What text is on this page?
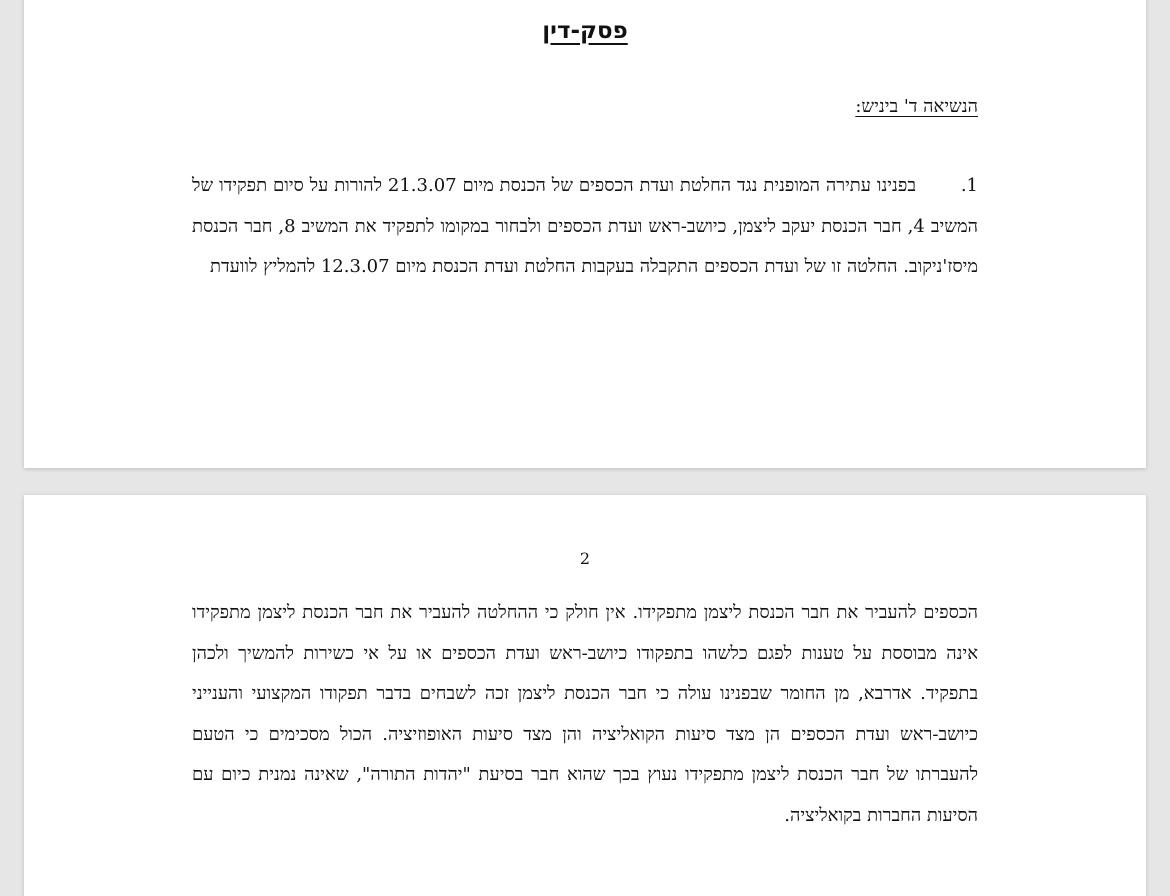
פסק-דין
הנשיאה ד' ביניש:
1.בפנינו עתירה המופנית נגד החלטת ועדת הכספים של הכנסת מיום 21.3.07 להורות על סיום תפקידו של המשיב 4, חבר הכנסת יעקב ליצמן, כיושב-ראש ועדת הכספים ולבחור במקומו לתפקיד את המשיב 8, חבר הכנסת מיסז'ניקוב. החלטה זו של ועדת הכספים התקבלה בעקבות החלטת ועדת הכנסת מיום 12.3.07 להמליץ לוועדת
2
הכספים להעביר את חבר הכנסת ליצמן מתפקידו. אין חולק כי ההחלטה להעביר את חבר הכנסת ליצמן מתפקידו אינה מבוססת על טענות לפגם כלשהו בתפקודו כיושב-ראש ועדת הכספים או על אי כשירות להמשיך ולכהן בתפקיד. אדרבא, מן החומר שבפנינו עולה כי חבר הכנסת ליצמן זכה לשבחים בדבר תפקודו המקצועי והענייני כיושב-ראש ועדת הכספים הן מצד סיעות הקואליציה והן מצד סיעות האופוזיציה. הכול מסכימים כי הטעם להעברתו של חבר הכנסת ליצמן מתפקידו נעוץ בכך שהוא חבר בסיעת "יהדות התורה", שאינה נמנית כיום עם הסיעות החברות בקואליציה.
